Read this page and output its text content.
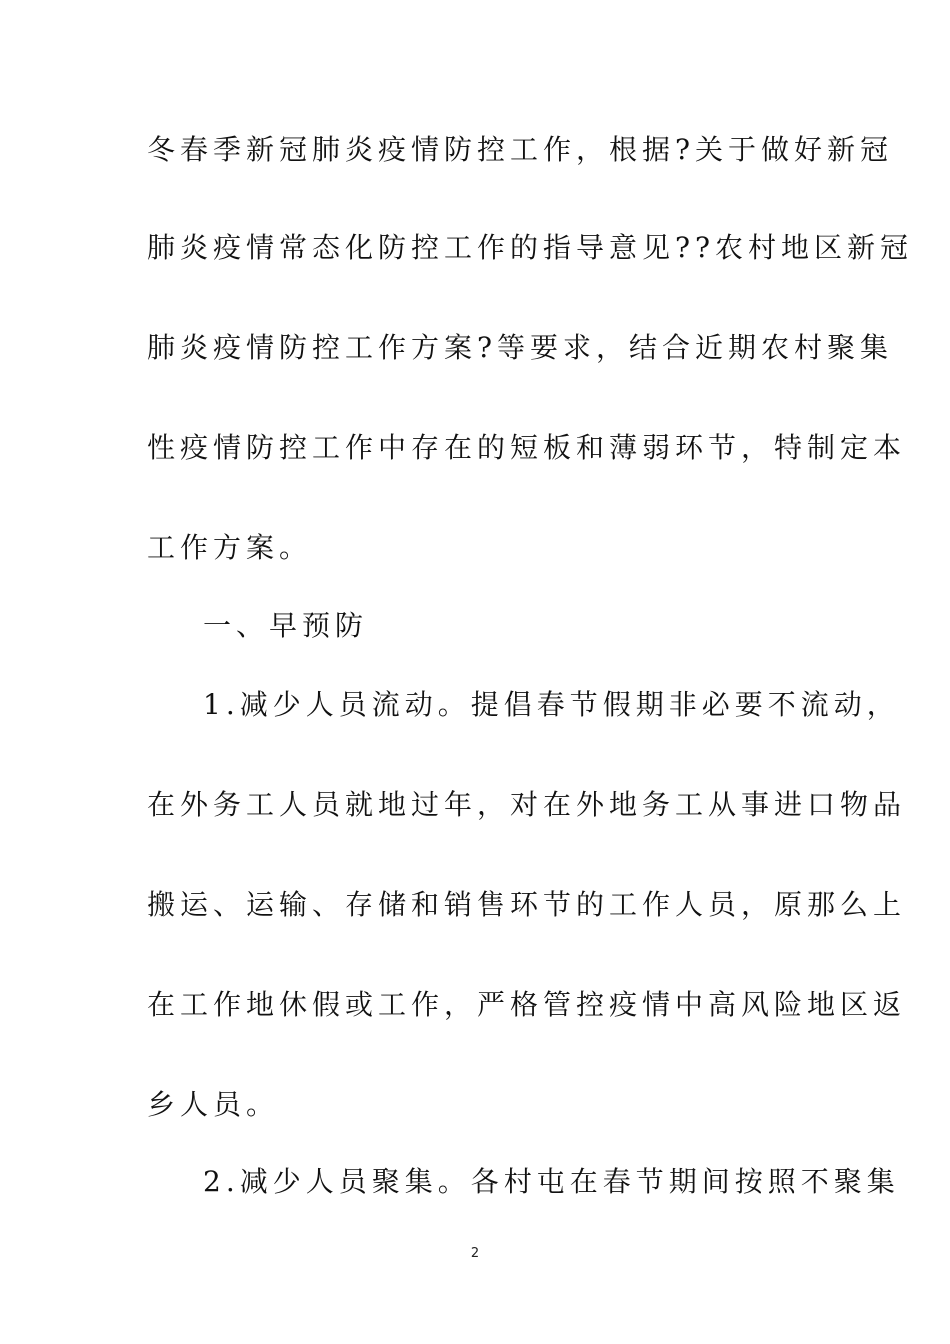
冬春季新冠肺炎疫情防控工作，根据?关于做好新冠
肺炎疫情常态化防控工作的指导意见??农村地区新冠
肺炎疫情防控工作方案?等要求，结合近期农村聚集
性疫情防控工作中存在的短板和薄弱环节，特制定本
工作方案。
一、早预防
1.减少人员流动。提倡春节假期非必要不流动，
在外务工人员就地过年，对在外地务工从事进口物品
搬运、运输、存储和销售环节的工作人员，原那么上
在工作地休假或工作，严格管控疫情中高风险地区返
乡人员。
2.减少人员聚集。各村屯在春节期间按照不聚集
2
